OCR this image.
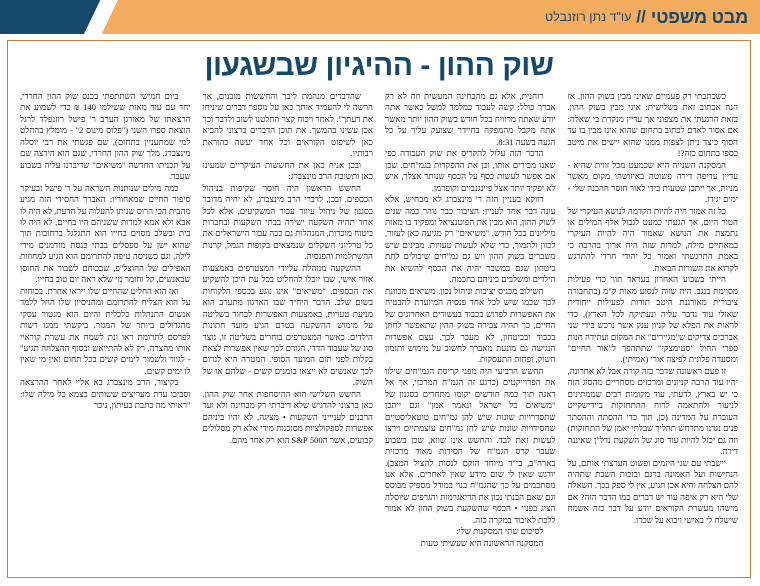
מבט משפטי
//
עו"ד נתן רוזנבלט
שוק ההון - ההיגיון שבשגעון

כשכתבתי רק פעמיים שאיני מבין בשוק ההון, אז הנה אכתוב זאת בשלישית: איני מבין בשוק ההון. בזאת הרגעתי את מצפוני אך עדיין מנקרת בי שאלה: אם אסור לאדם לכתוב בתחום שהוא אינו מבין בו עד הסוף כיצד ניתן לצפות ממנו שהוא יישים את מיטב כספו בתחום כזה?!

המסקנה השנייה היא שכמעט מכל זווית שהיא - עדיין עדיפה דירה פשוטה באיזושהו מקום מאשר מניות, אך ייתכן שטעות בידי לאור חוסר ההבנה שלי - ימים יגידו.

כל זה אמור היה להיות הקדמה לנושא העיקרי של הטור היום, אך הגעתי כמעט לגבול אלף המילים או נתמצת את הנושא שאמור היה להיות העיקרי במאתיים מילה, למרות שזה היה ארוך בהרבה כי באמת התרגשתי ואמור כל יהודי חרדי להתרגש לקרוא את השורות הבאות.

הייתי בשבוע האחרון בעראד תוך כדי פעילות מסוימת בנגב. היה שווה לנסוע מאות ק"מ (בתחבורה ציבורית מאורגנת היטב תודות לפעילות ייחודית שאולי עוד נדבר עליה ונעתיקה לכל הארץ), כדי לראות את הפלא של קניון ענק אשר נרכש בידי שני אברכים צדיקים ש"מגיירים" את המקום ועתידה חנות ספרי החול "סטימצקי" שתתהפך ל"אור החיים" ומסעדה פלונית לפיצה אורי (אמיתי).

זו פעם ראשונה שדבר כזה קורה אבל לא אחרונה, יהיו עוד הרבה קניונים ומרכזים מסחריים מהסוג הזה כי יש בארץ, לדעתי, עוד מקומות רבים שממתינים לניעור ולהתאמה לרוח ההתחזקות ביידישקייט העוברת על המדינה (כן, תוך כדי ההסתה וההסתר פנים נגדנו מתרחש תהליך שבלתי יאמן של התחזקות) וזה גם יכול להיות עוד סוג של השקעת נדל"ן שאיננה דירה.

יישבתי עם שני היזמים ופשוט הערצתי אותם, על הנחישות ועל האמונה ברגם ובזכות השבת שתהיה להם הצלחה והיא אכן תגיע, אין לי ספק בכך. השאלה שלי היא רק איפה עוד יש דברים כמו הדבר הזה? אם מישהו מעשרת הקוראים יודע על דבר כזה אשמח שישלח לי באישי ויבוא על שכרו.

רוחנית, אלא גם מהבחינה המעשית וזה לא רק אברך כולל: קשה לעבוד כמלמד למשל כאשר אתה יודע שאתה מרוויח בכל חודש בשוק ההון יותר מאשר אתה מקבל מהמפקה בחיידר שצועק עליך על כל הגעה בשעה 8:31.

הדבר הזה עלול להקריס את שוק העבודה כפי שאנו מכירים אותו, וכן את ההפקדות בגמ"חים. שכן אם אפשר לעשות כסף על הכסף שנותר אצלך, איש לא יפקיד יותר אצל פיינגנבוים וקופרמן.

דווקא בעניין הזה ר' מינצברג לא מכחיש, אלא עונה דבר אחד לעניין: הציבור כבר נוהר כמה שנים לשוק ההון, הוא מבין את הפוטנציאל ומפקיד בו מאות מיליונים בכל חודש, "משיאים" רק מגיעה כאן לעזור, לכוון ולתמוך, כדי שלא לעשות טעויות. מבינים שיש משברים בשוק ההון ויש גם גמ"חים שיכולים לתת ביטחון שגם במשבר יהיה את הכסף להשיא את הילדים ומשלבים ביניהם בחכמה.

השילוב מכניס יציבות וניהול נכון. משיאים מכוונת לכך שכמו שיש לכל אחד פנסיה המיועדת להבטיח את האפשרות לפרוש בכבוד בעשורים האחרונים של החיים, כך תהיה צבירה בשוק ההון שתאפשר לחתן בכבוד ובביטחון, לא מעבר לכך. עצם אפשרות הנגישה גם מונעת מאברך לחשוב על מימוש ותזמון השוק, ופחות התעסקות.

החשש הרביעי היה מפני קריסת הגמ"חים שילוו את הפרוייקטים (כרגע זה הגמ"ח המרכזי, אך אל דאגה תוך כמה חודשים יקומו מתחרים בסגנון של "משיאים כל ישראל ונאמר אמן" וגם ייתכן שתסדרויות שונות שיש להן גמ"חים טוטאליסטיים שחסידויות שונות שיש להן גמ"חים עוצמתיים וירצו לעשות זאת לבד. והחשש אינו שווא, שכן בשבוע שעבר קרס הגמ"ח של חסידות מאוד מרכזית בארה"ב, בי"ד מיוחד הוקם לנסות להציל המצב). יודגש שאין לי שום מידע שאין לאחרים, אלא אנו מסתכמים על כך שהגמ"ח בנוי במודל מספיק מבוסס וגם שאם הבנתי נכון את הדיאגרמות והגרפים שיוסלה הציג בפניי • הכסף שהשקעת בשוק ההון לא אמור ללכת לאיבוד במקרה כזה.

לסיכום שתי המסקנות שלי:

המסקנה הראשונה היא שעשיתי טעות

שהדברים מנהמת ליבך והחששות מובנים, אך הרשה לי להעמיד אותך כאן על מספר דברים שיניחו את דעתך". לאחר ויכוח קצר החלטנו לשוב ולדבר וכך אכן עשינו בהמשך. את תוכן הדברים ברצוני להביא כאן לשיפוט הקוראים וכל אחד יעשה כהוראת רבותיו.

ובכן אניח כאן את החששות העיקריים שמעינו כאן ותשובת הרב מינצברג:

החשש הראשון היה חוסר שקיפות בניהול הכספים. ובכן, לדברי הרב מינצברג, לא יהיה מדובר בסגנון של ניהול עיוור עבור המשקיעים, אלא לכל אחד תהיה השקעה ישירה בבתי השקעות ובחברות ביטוח מוכרות, המנהלות גם ככה עבור הישראלים את כל טרליוני השקלים שנמצאים בקופות הגמל, קרנות ההשתלמות והפנסיה.

ההשקעה מנוהלת עליידי המצטרפים באמצעות אזור אישי, שבו יוכלו להחליט בכל עת היכן להשקיע את הכספים. "משיאים" אינו נוגע בכספי הלקוחות בשום שלב. הדבר היחיד שבו הארגון מתערב הוא מניעת טעויות, באמצעות האפשרות לבחור בשליטה על מימוש ההשקעה בטרם הגיע מועד חתונות הילדים. כאשר המצטרפים בוחרים בשליטה זו, נוצר סוג של שעבוד הדדי, הגורם לכך שאין אפשרות לצאת בקלות לפני תום המועד הסופי. המטרה היא לגרום לכך שאנשים לא ייצאו בזמנים קשים - שלהם או של השוק.

החשש השלישי הוא ההיסחפות אחר שוק ההון. כאן ברצוני להדגיש שלא דיברתי רק מבחינה ולא ועד הרבנים לעניייני השקעות • מציגה, לא יהיו ביניהם אפשרות לספקולציות מסוכנות מידי אלא רק מסלולים קבועים, אשר ה500 S&P הוא רק אחד מהם.

ביום חמישי השתתפתי בכנס שוק ההון החרדי, יחד עם עוד מאות ששילמו 140 ₪ כדי לשמוע את הרצאתו של מאורגן הערב ר' פישל רוזנפלד לרגל הוצאת ספרו השני ("פלוס מינוס 2" - מומלץ בהחלט למי שמתעניין בתחום), שם פגשתי את רבי יוסלה מינצברג, מלך שוק ההון החרדי, שגם הוא הירצה שם על תכניתו החדשה "משיאים" שדיברנו עליה בשבוע שעבר.

כמה מילים שנותנות השראה על ר' פישל ובעיקר סיפור החיים שמאחוריו: האברך החסידי הזה מגיע מהבית הכי הרוס שניתן להעלות על הדעת, לא היה לו אבא ולא אמא למרות ששניהם היו בחיים, לא היה לו בית ובשלב מסוים בחייו הוא התגלגל ברחובות תוך שהוא ישן על ספסלים בבתי כנסת מזדמנים מידי לילה, וגם כשניסה טיפה להתרומם הוא הגיע למחוזות האפילים של ההוצל"פ, שבכוחם לשבור את החוסן שבאנשים, קל וחומר מי שלא ראה יום טוב בחייו.

ואז הוא החליט שהחיים שלו ייראו אחרת. בכוחות על הוא הצליח להתרומם ומהניסיון שלו החל ללמד אנשים התנהלות כלכלית והיום הוא מנטור עסקי מהגדולים ביותר של המגזר. ביקשתי ממנו רשות לפרסם לתרומת ראו ונת לשמח את עשרת קוראיי אותו מהצרה, רק לא להתייאש ובסוף ההצלחה תגיע" - לגוור ולשמור לימים קשים בכל תחום ואין מי שאין לו ימים קשים.

בקיצור, הרב מינצברג בא אליי לאחר ההרצאה וסביבו עדת מעריצים ששותים בצמא כל מילה שלו: "ראיתי מה כתבת בעיתון, ניכר
